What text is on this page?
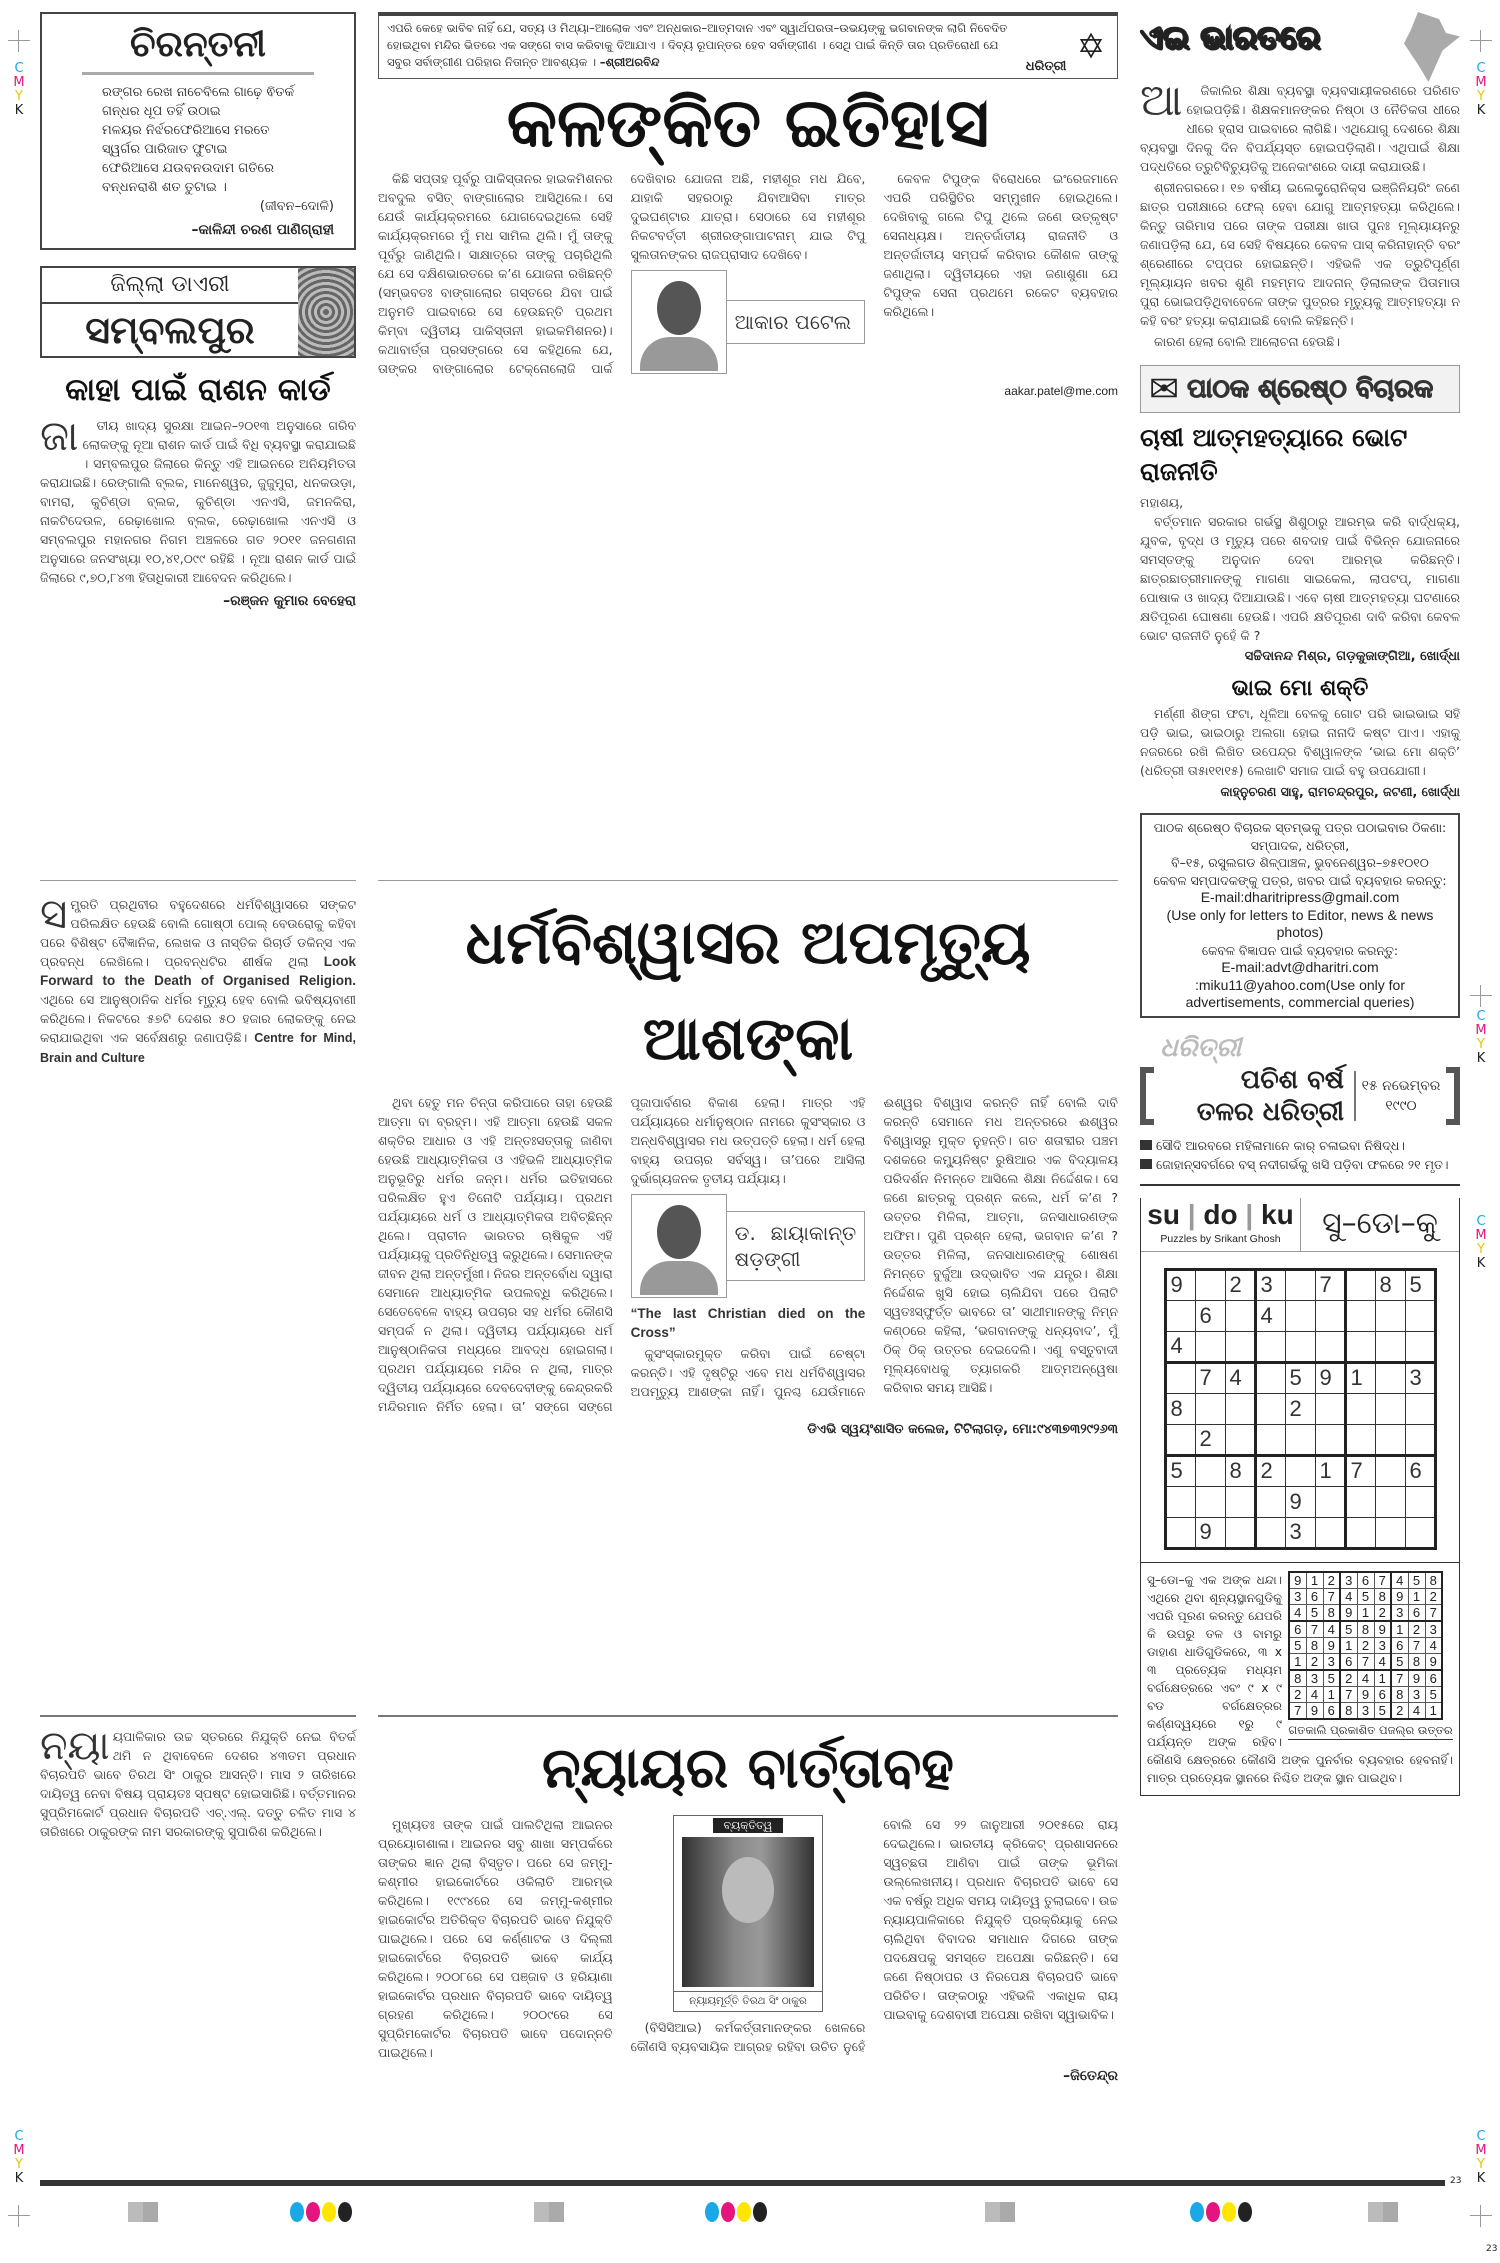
C
M
Y
K
C
M
Y
K
C
M
Y
K
C
M
Y
K
C
M
Y
K
C
M
Y
K
ଚିରନ୍ତନୀ
ରଙ୍ଗର ରେଖ ନାଚେବିଲେ ଗାଢ଼େ ଵିତର୍କ
ଗନ୍ଧର ଧୂପ ତହିଁ ଉଠାଇ
ମଳୟର ନିର୍ଝରଫେରିଆସେ ମରତେ
ସ୍ୱର୍ଗର ପାରିଜାତ ଫୁଟାଇ
ଫେରିଆସେ ଯଉବନଉଦାମ ଗତିରେ
ବନ୍ଧନରାଶି ଶତ ତୁଟାଇ ।
(ଜୀବନ–ଦୋଳି)
–କାଳିନ୍ଦୀ ଚରଣ ପାଣିଗ୍ରାହୀ
ଜିଲ୍ଲା ଡାଏରୀ
ସମ୍ବଲପୁର
କାହା ପାଇଁ ରାଶନ କାର୍ଡ
ଜା	ତୀୟ ଖାଦ୍ୟ ସୁରକ୍ଷା ଆଇନ–୨୦୧୩ ଅନୁସାରେ ଗରିବ ଲୋକଙ୍କୁ ନୂଆ ରାଶନ କାର୍ଡ ପାଇଁ ବିଧି ବ୍ୟବସ୍ଥା କରାଯାଇଛି । ସମ୍ବଲପୁର ଜିଲାରେ କିନ୍ତୁ ଏହି ଆଇନରେ ଅନିୟମିତତା କରାଯାଇଛି। ରେଙ୍ଗାଲି ବ୍ଲକ, ମାନେଶ୍ୱର, ଜୁଜୁମୁରା, ଧନକଉଡ଼ା, ବାମରା, କୁଚିଣ୍ଡା ବ୍ଲକ, କୁଚିଣ୍ଡା ଏନଏସି, ଜମନକିରା, ନାକଟିଦେଉଳ, ରେଢ଼ାଖୋଲ ବ୍ଲକ, ରେଢ଼ାଖୋଲ ଏନଏସି ଓ ସମ୍ବଲପୁର ମହାନଗର ନିଗମ ଅଞ୍ଚଳରେ ଗତ ୨୦୧୧ ଜନଗଣନା ଅନୁସାରେ ଜନସଂଖ୍ୟା ୧୦,୪୧,୦୯୯ ରହିଛି । ନୂଆ ରାଶନ କାର୍ଡ ପାଇଁ ଜିଲାରେ ୯,୭୦,୮୪୩ ହିତାଧିକାରୀ ଆବେଦନ କରିଥିଲେ।

–ରଞ୍ଜନ କୁମାର ବେହେରା
ଏପରି କେହେ ଭାବିବ ନାହିଁ ଯେ, ସତ୍ୟ ଓ ମିଥ୍ୟା–ଆଲୋକ ଏବଂ ଅନ୍ଧକାର–ଆତ୍ମଦାନ ଏବଂ ସ୍ୱାର୍ଥପରତା–ଉଭୟଙ୍କୁ ଭଗବାନଙ୍କ ଲାଗି ନିବେଦିତ ହୋଇଥିବା ମନ୍ଦିର ଭିତରେ ଏକ ସଙ୍ଗେ ବାସ କରିବାକୁ ଦିଆଯାଏ । ଦିବ୍ୟ ରୂପାନ୍ତର ହେବ ସର୍ବାଙ୍ଗୀଣ । ସେଥି ପାଇଁ କିନ୍ତି ତାର ପ୍ରତିରୋଧୀ ଯେ ସବୁର ସର୍ବାଙ୍ଗୀଣ ପରିହାର ନିତାନ୍ତ ଆବଶ୍ୟକ । –ଶ୍ରୀଅରବିନ୍ଦ	ଧରିତ୍ରୀ ✡
କଳଙ୍କିତ ଇତିହାସ

କିଛି ସପ୍ତାହ ପୂର୍ବରୁ ପାକିସ୍ତାନର ହାଇକମିଶନର ଅବଦୁଲ ବସିତ୍ ବାଙ୍ଗାଲୋର ଆସିଥିଲେ। ସେ ଯେଉଁ କାର୍ଯ୍ୟକ୍ରମରେ ଯୋଗଦେଇଥିଲେ ସେହି କାର୍ଯ୍ୟକ୍ରମରେ ମୁଁ ମଧ ସାମିଲ ଥିଲି। ମୁଁ ତାଙ୍କୁ ପୂର୍ବରୁ ଜାଣିଥିଲି। ସାକ୍ଷାତ୍‌ରେ ତାଙ୍କୁ ପଚାରିଥିଲି ଯେ ସେ ଦକ୍ଷିଣଭାରତରେ କ’ଣ ଯୋଜନା ରଖିଛନ୍ତି (ସମ୍ଭବତଃ ବାଙ୍ଗାଲୋର ଗସ୍ତରେ ଯିବା ପାଇଁ ଅନୁମତି ପାଇବାରେ ସେ ହେଉଛନ୍ତି ପ୍ରଥମ କିମ୍ବା ଦ୍ୱିତୀୟ ପାକିସ୍ତାନୀ ହାଇକମିଶନର)। କଥାବାର୍ତ୍ତା ପ୍ରସଙ୍ଗରେ ସେ କହିଥିଲେ ଯେ, ତାଙ୍କର ବାଙ୍ଗାଲୋର ଟେକ୍ନୋଲୋଜି ପାର୍କ ଦେଖିବାର ଯୋଜନା ଅଛି, ମହୀଶୂର ମଧ ଯିବେ, ଯାହାକି ସହରଠାରୁ ଯିବାଆସିବା ମାତ୍ର ଦୁଇଘଣ୍ଟାର ଯାତ୍ରା। ସେଠାରେ ସେ ମହୀଶୂର ନିକଟବର୍ତ୍ତୀ ଶ୍ରୀରଙ୍ଗାପାଟନାମ୍ ଯାଇ ଟିପୁ ସୁଲତାନଙ୍କର ରାଜପ୍ରାସାଦ ଦେଖିବେ।

ଆକାର ପଟେଲ

କେବଳ ଟିପୁଙ୍କ ବିରୋଧରେ ଇଂରେଜମାନେ ଏପରି ପରିସ୍ଥିତିର ସମ୍ମୁଖୀନ ହୋଇଥିଲେ। ଦେଖିବାକୁ ଗଲେ ଟିପୁ ଥିଲେ ଜଣେ ଉତ୍କୃଷ୍ଟ ସେନାଧ୍ୟକ୍ଷ। ଅନ୍ତର୍ଜାତୀୟ ରାଜନୀତି ଓ ଅନ୍ତର୍ଜାତୀୟ ସମ୍ପର୍କ କରିବାର କୌଶଳ ତାଙ୍କୁ ଜଣାଥିଲା। ଦ୍ୱିତୀୟରେ ଏହା ଜଣାଶୁଣା ଯେ ଟିପୁଙ୍କ ସେନା ପ୍ରଥମେ ରକେଟ ବ୍ୟବହାର କରିଥିଲେ।

aakar.patel@me.com
ଏଇ ଭାରତରେ
ଆ	ଜିକାଲିର ଶିକ୍ଷା ବ୍ୟବସ୍ଥା ବ୍ୟବସାୟୀକରଣରେ ପରିଣତ ହୋଇପଡ଼ିଛି। ଶିକ୍ଷକମାନଙ୍କର ନିଷ୍ଠା ଓ ନୈତିକତା ଧୀରେ ଧୀରେ ହ୍ରାସ ପାଇବାରେ ଲାଗିଛି। ଏଥିଯୋଗୁ ଦେଶରେ ଶିକ୍ଷା ବ୍ୟବସ୍ଥା ଦିନକୁ ଦିନ ବିପର୍ଯ୍ୟସ୍ତ ହୋଇପଡ଼ିଲାଣି। ଏଥିପାଇଁ ଶିକ୍ଷା ପଦ୍ଧତିରେ ତ୍ରୁଟିବିଚ୍ୟୁତିକୁ ଅନେକାଂଶରେ ଦାୟୀ କରାଯାଉଛି।

ଶ୍ରୀନଗରରେ। ୧୭ ବର୍ଷୀୟ ଇଲେକ୍ଟ୍ରୋନିକ୍ସ ଇଞ୍ଜିନିୟରିଂ ଜଣେ ଛାତ୍ର ପରୀକ୍ଷାରେ ଫେଲ୍ ହେବା ଯୋଗୁ ଆତ୍ମହତ୍ୟା କରିଥିଲେ। କିନ୍ତୁ ତାରିମାସ ପରେ ତାଙ୍କ ପରୀକ୍ଷା ଖାତା ପୁନଃ ମୂଲ୍ୟାୟନରୁ ଜଣାପଡ଼ିଲା ଯେ, ସେ ସେହି ବିଷୟରେ କେବଳ ପାସ୍ କରିନାହାନ୍ତି ବରଂ ଶ୍ରେଣୀରେ ଟପ୍ପର ହୋଇଛନ୍ତି। ଏହିଭଳି ଏକ ତ୍ରୁଟିପୂର୍ଣ୍ଣ ମୂଲ୍ୟାୟନ ଖବର ଶୁଣି ମହମ୍ମଦ ଆଦନାନ୍ ଡ଼ିଲାଲଙ୍କ ପିତାମାତା ପୁରା ଭୋଇପଡ଼ିଥିବାବେଳେ ତାଙ୍କ ପୁତ୍ରର ମୃତ୍ୟୁକୁ ଆତ୍ମହତ୍ୟା ନ କହି ବରଂ ହତ୍ୟା କରାଯାଇଛି ବୋଲି କହିଛନ୍ତି।

କାରଣ ହେଲା ବୋଲି ଆଲୋଚନା ହେଉଛି।

✉ ପାଠକ ଶ୍ରେଷ୍ଠ ବିଚାରକ
ଚାଷୀ ଆତ୍ମହତ୍ୟାରେ ଭୋଟ ରାଜନୀତି
ମହାଶୟ,

ବର୍ତ୍ତମାନ ସରକାର ଗର୍ଭସ୍ଥ ଶିଶୁଠାରୁ ଆରମ୍ଭ କରି ବାର୍ଦ୍ଧକ୍ୟ, ଯୁବକ, ବୃଦ୍ଧ ଓ ମୃତ୍ୟୁ ପରେ ଶବଦାହ ପାଇଁ ବିଭିନ୍ନ ଯୋଜନାରେ ସମସ୍ତଙ୍କୁ ଅନୁଦାନ ଦେବା ଆରମ୍ଭ କରିଛନ୍ତି। ଛାତ୍ରଛାତ୍ରୀମାନଙ୍କୁ ମାଗଣା ସାଇକେଲ, ଲାପଟପ୍, ମାଗଣା ପୋଷାକ ଓ ଖାଦ୍ୟ ଦିଆଯାଉଛି। ଏବେ ଚାଷୀ ଆତ୍ମହତ୍ୟା ଘଟଣାରେ କ୍ଷତିପୂରଣ ଘୋଷଣା ହେଉଛି। ଏପରି କ୍ଷତିପୂରଣ ଦାବି କରିବା କେବଳ ଭୋଟ ରାଜନୀତି ନୁହେଁ କି ?

ସଚ୍ଚିଦାନନ୍ଦ ମିଶ୍ର, ଗଡ଼କୁଜାଙ୍ଗିଆ, ଖୋର୍ଦ୍ଧା
ଭାଇ ମୋ ଶକ୍ତି

ମର୍ଣ୍ଣୀ ଶିଙ୍ଗ ଫଟା, ଧୂଳିଆ ବେଳକୁ ଗୋଟ ପରି ଭାଇଭାଇ ସହି ପଡ଼ି ଭାଇ, ଭାଇଠାରୁ ଅଲଗା ହୋଇ ନାନାଦି କଷ୍ଟ ପାଏ। ଏହାକୁ ନଜରରେ ରଖି ଲିଖିତ ଉପେନ୍ଦ୍ର ବିଶ୍ୱାଳଙ୍କ ‘ଭାଇ ମୋ ଶକ୍ତି’ (ଧରିତ୍ରୀ ତା୫ା୧୧ା୧୫) ଲେଖାଟି ସମାଜ ପାଇଁ ବହୁ ଉପଯୋଗୀ।

କାହ୍ନୁଚରଣ ସାହୁ, ରାମଚନ୍ଦ୍ରପୁର, ଜଟଣୀ, ଖୋର୍ଦ୍ଧା
ପାଠକ ଶ୍ରେଷ୍ଠ ବିଚାରକ ସ୍ତମ୍ଭକୁ ପତ୍ର ପଠାଇବାର ଠିକଣା:
ସମ୍ପାଦକ, ଧରିତ୍ରୀ,
ବି–୧୫, ରସୁଲଗଡ ଶିଳ୍ପାଞ୍ଚଳ, ଭୁବନେଶ୍ୱର–୭୫୧୦୧୦
କେବଳ ସମ୍ପାଦକଙ୍କୁ ପତ୍ର, ଖବର ପାଇଁ ବ୍ୟବହାର କରନ୍ତୁ:
E-mail:dharitripress@gmail.com
(Use only for letters to Editor, news & news photos)
କେବଳ ବିଜ୍ଞାପନ ପାଇଁ ବ୍ୟବହାର କରନ୍ତୁ:
E-mail:advt@dharitri.com
:miku11@yahoo.com(Use only for
advertisements, commercial queries)
ଧରିତ୍ରୀ
ପଚିଶ ବର୍ଷ
ତଳର ଧରିତ୍ରୀ
୧୫ ନଭେମ୍ବର
୧୯୯୦
ସୌଦି ଆରବରେ ମହିଳାମାନେ କାର୍ ଚଳାଇବା ନିଷିଦ୍ଧ।
ଜୋହାନ୍ସବର୍ଗରେ ବସ୍ ନଦୀଗର୍ଭକୁ ଖସି ପଡ଼ିବା ଫଳରେ ୨୧ ମୃତ।
su | do | ku
Puzzles by Srikant Ghosh	ସୁ–ଡୋ–କୁ
9		2	3		7		8	5
	6		4					
4								
	7	4		5	9	1		3
8				2				
	2							
5		8	2		1	7		6
				9				
	9			3				
9	1	2	3	6	7	4	5	8
3	6	7	4	5	8	9	1	2
4	5	8	9	1	2	3	6	7
6	7	4	5	8	9	1	2	3
5	8	9	1	2	3	6	7	4
1	2	3	6	7	4	5	8	9
8	3	5	2	4	1	7	9	6
2	4	1	7	9	6	8	3	5
7	9	6	8	3	5	2	4	1
ଗତକାଲି ପ୍ରକାଶିତ ପଜଲ୍‌ର ଉତ୍ତର
ସୁ–ଡୋ–କୁ ଏକ ଅଙ୍କ ଧନ୍ଦା। ଏଥିରେ ଥିବା ଶୂନ୍ୟସ୍ଥାନଗୁଡିକୁ ଏପରି ପୂରଣ କରନ୍ତୁ ଯେପରି କି ଉପରୁ ତଳ ଓ ବାମରୁ ଡାହାଣ ଧାଡିଗୁଡିକରେ, ୩ x ୩ ପ୍ରତ୍ୟେକ ମଧ୍ୟମ ବର୍ଗକ୍ଷେତ୍ରରେ ଏବଂ ୯ x ୯ ବଡ ବର୍ଗକ୍ଷେତ୍ରର କର୍ଣ୍ଣଦ୍ୱୟରେ ୧ରୁ ୯ ପର୍ଯ୍ୟନ୍ତ ଅଙ୍କ ରହିବ। କୌଣସି କ୍ଷେତ୍ରରେ କୌଣସି ଅଙ୍କ ପୁନର୍ବାର ବ୍ୟବହାର ହେବନାହିଁ। ମାତ୍ର ପ୍ରତ୍ୟେକ ସ୍ଥାନରେ ନିଶ୍ଚିତ ଅଙ୍କ ସ୍ଥାନ ପାଇଥିବ।
ସ ମ୍ପ୍ରତି ପ୍ରଥିବୀର ବହୁଦେଶରେ ଧର୍ମବିଶ୍ୱାସରେ ସଙ୍କଟ ପରିଲକ୍ଷିତ ହେଉଛି ବୋଲି ଗୋଷ୍ଠୀ ପୋଲ୍ ବେଉରୋକୁ କହିବା ପରେ ବିଶିଷ୍ଟ ବୈଜ୍ଞାନିକ, ଲେଖକ ଓ ନାସ୍ତିକ ରିଚାର୍ଡ ଡକିନ୍ସ ଏକ ପ୍ରବନ୍ଧ ଲେଖିଲେ। ପ୍ରବନ୍ଧଟିର ଶୀର୍ଷକ ଥିଲା Look Forward to the Death of Organised Religion. ଏଥିରେ ସେ ଆନୁଷ୍ଠାନିକ ଧର୍ମର ମୃତ୍ୟୁ ହେବ ବୋଲି ଭବିଷ୍ୟବାଣୀ କରିଥିଲେ। ନିକଟରେ ୫୭ଟି ଦେଶର ୫୦ ହଜାର ଲୋକଙ୍କୁ ନେଇ କରାଯାଇଥିବା ଏକ ସର୍ବେକ୍ଷଣରୁ ଜଣାପଡ଼ିଛି। Centre for Mind, Brain and Culture
ଧର୍ମବିଶ୍ୱାସର ଅପମୃତ୍ୟୁ ଆଶଙ୍କା

ଥିବା ହେତୁ ମନ ଚିନ୍ତା କରିପାରେ ତାହା ହେଉଛି ଆତ୍ମା ବା ବ୍ରହ୍ମ। ଏହି ଆତ୍ମା ହେଉଛି ସକଳ ଶକ୍ତିର ଆଧାର ଓ ଏହି ଅନ୍ତଃସତ୍ତାକୁ ଜାଣିବା ହେଉଛି ଆଧ୍ୟାତ୍ମିକତା ଓ ଏହିଭଳି ଆଧ୍ୟାତ୍ମିକ ଅନୁଭୂତିରୁ ଧର୍ମର ଜନ୍ମ। ଧର୍ମର ଇତିହାସରେ ପରିଲକ୍ଷିତ ହୁଏ ତିନୋଟି ପର୍ଯ୍ୟାୟ। ପ୍ରଥମ ପର୍ଯ୍ୟାୟରେ ଧର୍ମ ଓ ଆଧ୍ୟାତ୍ମିକତା ଅବିଚ୍ଛିନ୍ନ ଥିଲେ। ପ୍ରାଚୀନ ଭାରତର ଋଷିକୁଳ ଏହି ପର୍ଯ୍ୟାୟକୁ ପ୍ରତିନିଧିତ୍ୱ କରୁଥିଲେ। ସେମାନଙ୍କ ଜୀବନ ଥିଲା ଅନ୍ତର୍ମୁଖୀ। ନିଜର ଅନ୍ତର୍ବୋଧ ଦ୍ୱାରା ସେମାନେ ଆଧ୍ୟାତ୍ମିକ ଉପଲବ୍ଧି କରିଥିଲେ। ସେତେବେଳେ ବାହ୍ୟ ଉପଚାର ସହ ଧର୍ମର କୌଣସି ସମ୍ପର୍କ ନ ଥିଲା। ଦ୍ୱିତୀୟ ପର୍ଯ୍ୟାୟରେ ଧର୍ମ ଆନୁଷ୍ଠାନିକତା ମଧ୍ୟରେ ଆବଦ୍ଧ ହୋଇଗଲା। ପ୍ରଥମ ପର୍ଯ୍ୟାୟରେ ମନ୍ଦିର ନ ଥିଲା, ମାତ୍ର ଦ୍ୱିତୀୟ ପର୍ଯ୍ୟାୟରେ ଦେବଦେବୀଙ୍କୁ କେନ୍ଦ୍ରକରି ମନ୍ଦିରମାନ ନିର୍ମିତ ହେଲା। ତା’ ସଙ୍ଗେ ସଙ୍ଗେ ପୂଜାପାର୍ବଣର ବିକାଶ ହେଲା। ମାତ୍ର ଏହି ପର୍ଯ୍ୟାୟରେ ଧର୍ମାନୁଷ୍ଠାନ ନାମରେ କୁସଂସ୍କାର ଓ ଅନ୍ଧବିଶ୍ୱାସର ମଧ ଉତ୍ପତ୍ତି ହେଲା। ଧର୍ମ ହେଲା ବାହ୍ୟ ଉପଚାର ସର୍ବସ୍ୱ। ତା’ପରେ ଆସିଲା ଦୁର୍ଭାଗ୍ୟଜନକ ତୃତୀୟ ପର୍ଯ୍ୟାୟ।

ଡ. ଛାୟାକାନ୍ତ ଷଡ଼ଙ୍ଗୀ

“The last Christian died on the Cross”

କୁସଂସ୍କାରମୁକ୍ତ କରିବା ପାଇଁ ଚେଷ୍ଟା କରନ୍ତି। ଏହି ଦୃଷ୍ଟିରୁ ଏବେ ମଧ ଧର୍ମବିଶ୍ୱାସର ଅପମୃତ୍ୟୁ ଆଶଙ୍କା ନାହିଁ। ପୁନଶ୍ଚ ଯେଉଁମାନେ ଈଶ୍ୱର ବିଶ୍ୱାସ କରନ୍ତି ନାହିଁ ବୋଲି ଦାବି କରନ୍ତି ସେମାନେ ମଧ ଅନ୍ତରରେ ଈଶ୍ୱର ବିଶ୍ୱାସରୁ ମୁକ୍ତ ନୁହନ୍ତି। ଗତ ଶତାବ୍ଦୀର ପଞ୍ଚମ ଦଶକରେ କମ୍ୟୁନିଷ୍ଟ ରୁଷିଆର ଏକ ବିଦ୍ୟାଳୟ ପରିଦର୍ଶନ ନିମନ୍ତେ ଆସିଲେ ଶିକ୍ଷା ନିର୍ଦ୍ଦେଶକ। ସେ ଜଣେ ଛାତ୍ରକୁ ପ୍ରଶ୍ନ କଲେ, ଧର୍ମ କ’ଣ ? ଉତ୍ତର ମିଳିଲା, ଆତ୍ମା, ଜନସାଧାରଣଙ୍କ ଅଫିମ। ପୁଣି ପ୍ରଶ୍ନ ହେଲା, ଭଗବାନ କ’ଣ ? ଉତ୍ତର ମିଳିଲା, ଜନସାଧାରଣଙ୍କୁ ଶୋଷଣ ନିମନ୍ତେ ବୁର୍ଜୁଆ ଉଦ୍ଭାବିତ ଏକ ଯନ୍ତ୍ର। ଶିକ୍ଷା ନିର୍ଦ୍ଦେଶକ ଖୁସି ହୋଇ ଚାଲିଯିବା ପରେ ପିଲାଟି ସ୍ୱତଃସ୍ଫୁର୍ତ୍ତ ଭାବରେ ତା’ ସାଥୀମାନଙ୍କୁ ନିମ୍ନ କଣ୍ଠରେ କହିଲା, ‘ଭଗବାନଙ୍କୁ ଧନ୍ୟବାଦ’, ମୁଁ ଠିକ୍ ଠିକ୍ ଉତ୍ତର ଦେଇଦେଲି। ଏଣୁ ବସ୍ତୁବାଦୀ ମୂଲ୍ୟବୋଧକୁ ତ୍ୟାଗକରି ଆତ୍ମଅନ୍ୱେଷା କରିବାର ସମୟ ଆସିଛି।

ଡିଏଭି ସ୍ୱୟଂଶାସିତ କଲେଜ, ଟିଟିଲାଗଡ଼, ମୋ:୯୪୩୭୩୨୯୨୬୩
ନ୍ୟା ୟପାଳିକାର ଉଚ୍ଚ ସ୍ତରରେ ନିଯୁକ୍ତି ନେଇ ବିତର୍କ ଥମି ନ ଥିବାବେଳେ ଦେଶର ୪୩ତମ ପ୍ରଧାନ ବିଚାରପତି ଭାବେ ତିରଥ ସିଂ ଠାକୁର ଆସନ୍ତି। ମାସ ୨ ତାରିଖରେ ଦାୟିତ୍ୱ ନେବା ବିଷୟ ପ୍ରାୟତଃ ସ୍ପଷ୍ଟ ହୋଇସାରିଛି। ବର୍ତ୍ତମାନର ସୁପ୍ରିମକୋର୍ଟ ପ୍ରଧାନ ବିଚାରପତି ଏଚ୍.ଏଲ୍. ଦତ୍ତୁ ଚଳିତ ମାସ ୪ ତାରିଖରେ ଠାକୁରଙ୍କ ନାମ ସରକାରଙ୍କୁ ସୁପାରିଶ କରିଥିଲେ।
ନ୍ୟାୟର ବାର୍ତ୍ତାବହ

ମୁଖ୍ୟତଃ ତାଙ୍କ ପାଇଁ ପାଲଟିଥିଲା ଆଇନର ପ୍ରୟୋଗଶାଳା। ଆଇନର ସବୁ ଶାଖା ସମ୍ପର୍କରେ ତାଙ୍କର ଜ୍ଞାନ ଥିଲା ବିସ୍ତୃତ। ପରେ ସେ ଜମ୍ମୁ-କଶ୍ମୀର ହାଇକୋର୍ଟରେ ଓକିଲାତି ଆରମ୍ଭ କରିଥିଲେ। ୧୯୯୪ରେ ସେ ଜମ୍ମୁ-କଶ୍ମୀର ହାଇକୋର୍ଟର ଅତିରିକ୍ତ ବିଚାରପତି ଭାବେ ନିଯୁକ୍ତି ପାଇଥିଲେ। ପରେ ସେ କର୍ଣ୍ଣାଟକ ଓ ଦିଲ୍ଲୀ ହାଇକୋର୍ଟରେ ବିଚାରପତି ଭାବେ କାର୍ଯ୍ୟ କରିଥିଲେ। ୨୦୦୮ରେ ସେ ପଞ୍ଜାବ ଓ ହରିୟାଣା ହାଇକୋର୍ଟର ପ୍ରଧାନ ବିଚାରପତି ଭାବେ ଦାୟିତ୍ୱ ଗ୍ରହଣ କରିଥିଲେ। ୨୦୦୯ରେ ସେ ସୁପ୍ରିମକୋର୍ଟର ବିଚାରପତି ଭାବେ ପଦୋନ୍ନତି ପାଇଥିଲେ।

ବ୍ୟକ୍ତିତ୍ୱ
ନ୍ୟାୟମୂର୍ତ୍ତି ତିରଥ ସିଂ ଠାକୁର

(ବିସିସିଆଇ) କର୍ମକର୍ତ୍ତାମାନଙ୍କର ଖେଳରେ କୌଣସି ବ୍ୟବସାୟିକ ଆଗ୍ରହ ରହିବା ଉଚିତ ନୁହେଁ ବୋଲି ସେ ୨୨ ଜାନୁଆରୀ ୨୦୧୫ରେ ରାୟ ଦେଇଥିଲେ। ଭାରତୀୟ କ୍ରିକେଟ୍ ପ୍ରଶାସନରେ ସ୍ୱଚ୍ଛତା ଆଣିବା ପାଇଁ ତାଙ୍କ ଭୂମିକା ଉଲ୍ଲେଖନୀୟ। ପ୍ରଧାନ ବିଚାରପତି ଭାବେ ସେ ଏକ ବର୍ଷରୁ ଅଧିକ ସମୟ ଦାୟିତ୍ୱ ତୁଲାଇବେ। ଉଚ୍ଚ ନ୍ୟାୟପାଳିକାରେ ନିଯୁକ୍ତି ପ୍ରକ୍ରିୟାକୁ ନେଇ ଚାଲିଥିବା ବିବାଦର ସମାଧାନ ଦିଗରେ ତାଙ୍କ ପଦକ୍ଷେପକୁ ସମସ୍ତେ ଅପେକ୍ଷା କରିଛନ୍ତି। ସେ ଜଣେ ନିଷ୍ଠାପର ଓ ନିରପେକ୍ଷ ବିଚାରପତି ଭାବେ ପରିଚିତ। ତାଙ୍କଠାରୁ ଏହିଭଳି ଏକାଧିକ ରାୟ ପାଇବାକୁ ଦେଶବାସୀ ଅପେକ୍ଷା ରଖିବା ସ୍ୱାଭାବିକ।

–ଜିତେନ୍ଦ୍ର
23
23
